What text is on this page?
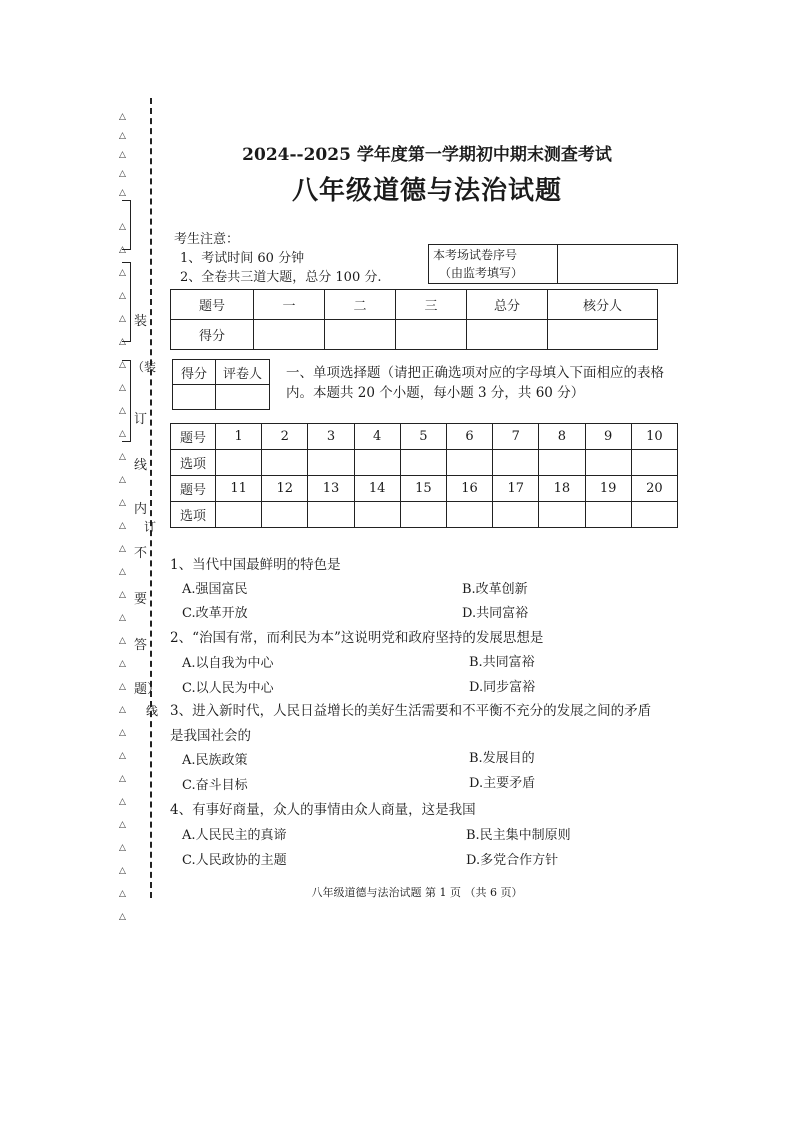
△
△
△
△
△
△
△
△
△
△
△
△
△
△
△
△
△
△
△
△
△
△
△
△
△
△
△
△
△
△
△
△
△
△
△
△
装
（装
订
线
内
订
不
要
答
题）
线
2024--2025 学年度第一学期初中期末测查考试
八年级道德与法治试题
考生注意：
1、考试时间 60 分钟
2、全卷共三道大题，总分 100 分.
本考场试卷序号
（由监考填写）

题号	一	二	三	总分	核分人
得分					
得分	评卷人
	一、单项选择题（请把正确选项对应的字母填入下面相应的表格
内。本题共 20 个小题，每小题 3 分，共 60 分）
题号	1	2	3	4	5	6	7	8	9	10
选项										
题号	11	12	13	14	15	16	17	18	19	20
选项										
1、当代中国最鲜明的特色是
A.强国富民	B.改革创新
C.改革开放	D.共同富裕
2、“治国有常，而利民为本”这说明党和政府坚持的发展思想是
A.以自我为中心	B.共同富裕
C.以人民为中心	D.同步富裕
3、进入新时代，人民日益增长的美好生活需要和不平衡不充分的发展之间的矛盾
是我国社会的
A.民族政策	B.发展目的
C.奋斗目标	D.主要矛盾
4、有事好商量，众人的事情由众人商量，这是我国
A.人民民主的真谛	B.民主集中制原则
C.人民政协的主题	D.多党合作方针
八年级道德与法治试题 第 1 页 （共 6 页）
